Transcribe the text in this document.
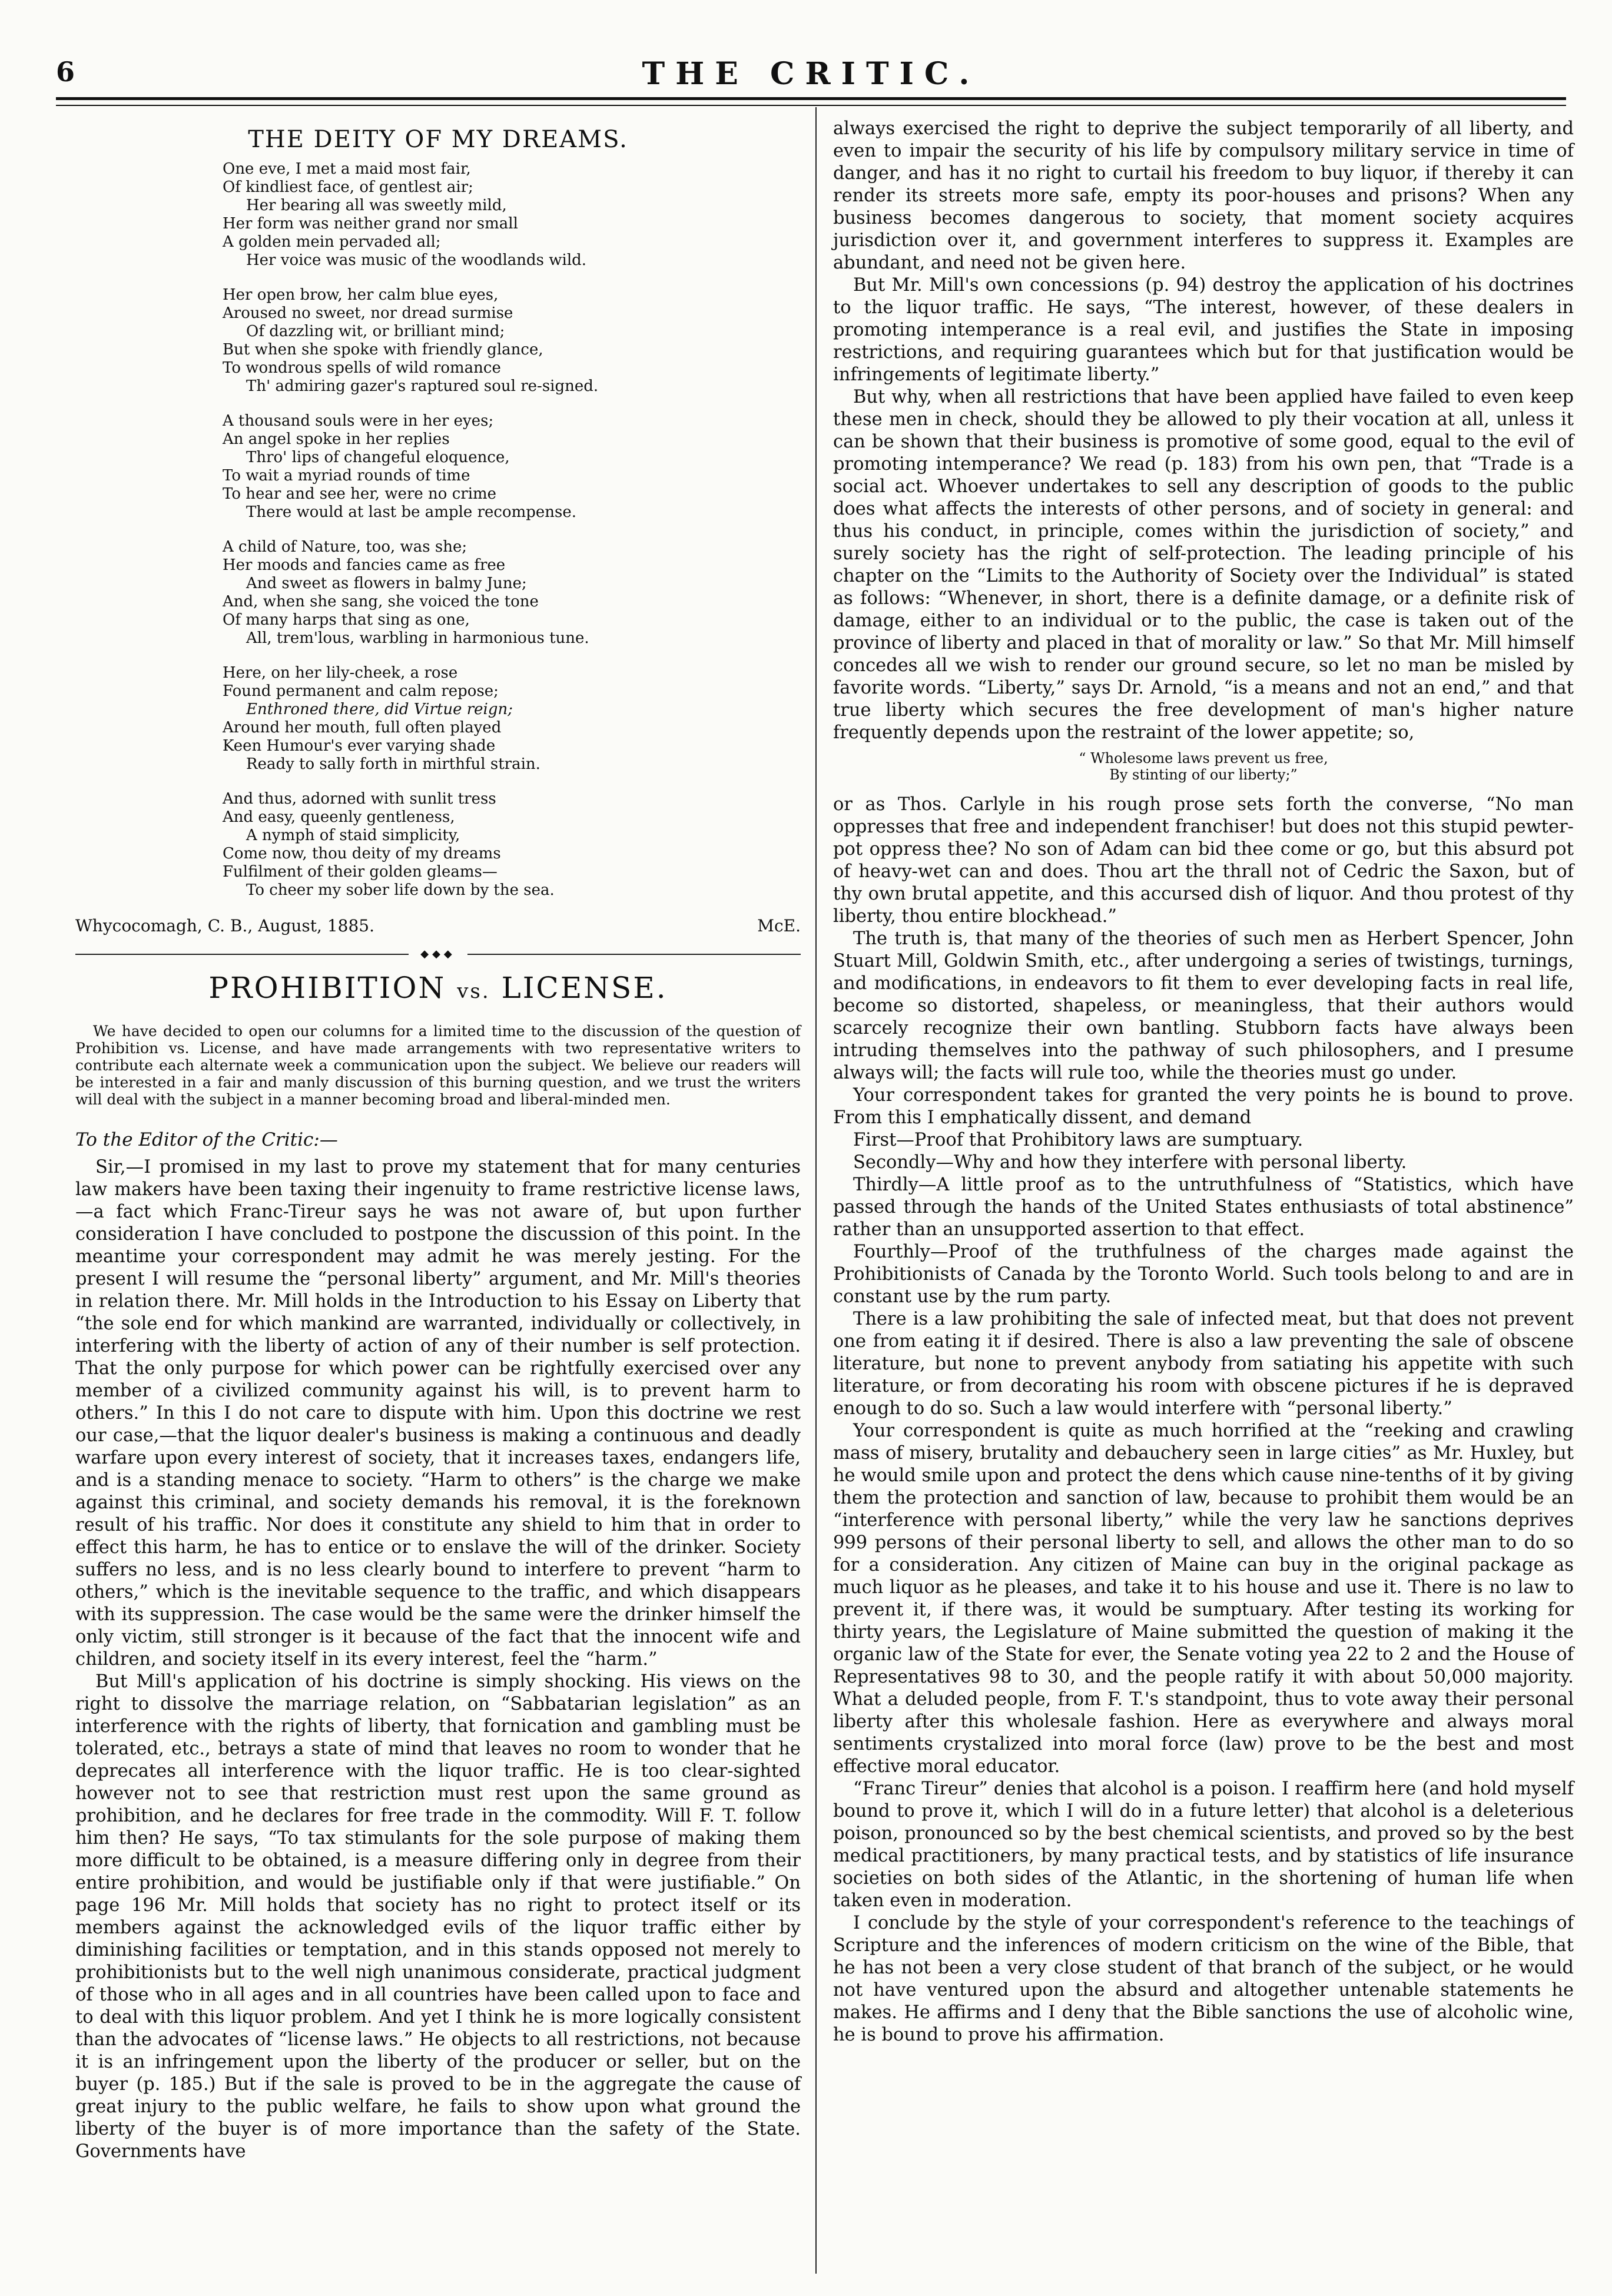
6	THE CRITIC.
THE DEITY OF MY DREAMS.
One eve, I met a maid most fair,
Of kindliest face, of gentlest air;
Her bearing all was sweetly mild,
Her form was neither grand nor small
A golden mein pervaded all;
Her voice was music of the woodlands wild.
Her open brow, her calm blue eyes,
Aroused no sweet, nor dread surmise
Of dazzling wit, or brilliant mind;
But when she spoke with friendly glance,
To wondrous spells of wild romance
Th' admiring gazer's raptured soul re-signed.
A thousand souls were in her eyes;
An angel spoke in her replies
Thro' lips of changeful eloquence,
To wait a myriad rounds of time
To hear and see her, were no crime
There would at last be ample recompense.
A child of Nature, too, was she;
Her moods and fancies came as free
And sweet as flowers in balmy June;
And, when she sang, she voiced the tone
Of many harps that sing as one,
All, trem'lous, warbling in harmonious tune.
Here, on her lily-cheek, a rose
Found permanent and calm repose;
Enthroned there, did Virtue reign;
Around her mouth, full often played
Keen Humour's ever varying shade
Ready to sally forth in mirthful strain.
And thus, adorned with sunlit tress
And easy, queenly gentleness,
A nymph of staid simplicity,
Come now, thou deity of my dreams
Fulfilment of their golden gleams—
To cheer my sober life down by the sea.
Whycocomagh, C. B., August, 1885.	McE.
◆◆◆
PROHIBITION vs. LICENSE.

We have decided to open our columns for a limited time to the discussion of the question of Prohibition vs. License, and have made arrangements with two representative writers to contribute each alternate week a communication upon the subject. We believe our readers will be interested in a fair and manly discussion of this burning question, and we trust the writers will deal with the subject in a manner becoming broad and liberal-minded men.

To the Editor of the Critic:—

Sir,—I promised in my last to prove my statement that for many centuries law makers have been taxing their ingenuity to frame restrictive license laws,—a fact which Franc-Tireur says he was not aware of, but upon further consideration I have concluded to postpone the discussion of this point. In the meantime your correspondent may admit he was merely jesting. For the present I will resume the “personal liberty” argument, and Mr. Mill's theories in relation there. Mr. Mill holds in the Introduction to his Essay on Liberty that “the sole end for which mankind are warranted, individually or collectively, in interfering with the liberty of action of any of their number is self protection. That the only purpose for which power can be rightfully exercised over any member of a civilized community against his will, is to prevent harm to others.” In this I do not care to dispute with him. Upon this doctrine we rest our case,—that the liquor dealer's business is making a continuous and deadly warfare upon every interest of society, that it increases taxes, endangers life, and is a standing menace to society. “Harm to others” is the charge we make against this criminal, and society demands his removal, it is the foreknown result of his traffic. Nor does it constitute any shield to him that in order to effect this harm, he has to entice or to enslave the will of the drinker. Society suffers no less, and is no less clearly bound to interfere to prevent “harm to others,” which is the inevitable sequence to the traffic, and which disappears with its suppression. The case would be the same were the drinker himself the only victim, still stronger is it because of the fact that the innocent wife and children, and society itself in its every interest, feel the “harm.”

But Mill's application of his doctrine is simply shocking. His views on the right to dissolve the marriage relation, on “Sabbatarian legislation” as an interference with the rights of liberty, that fornication and gambling must be tolerated, etc., betrays a state of mind that leaves no room to wonder that he deprecates all interference with the liquor traffic. He is too clear-sighted however not to see that restriction must rest upon the same ground as prohibition, and he declares for free trade in the commodity. Will F. T. follow him then? He says, “To tax stimulants for the sole purpose of making them more difficult to be obtained, is a measure differing only in degree from their entire prohibition, and would be justifiable only if that were justifiable.” On page 196 Mr. Mill holds that society has no right to protect itself or its members against the acknowledged evils of the liquor traffic either by diminishing facilities or temptation, and in this stands opposed not merely to prohibitionists but to the well nigh unanimous considerate, practical judgment of those who in all ages and in all countries have been called upon to face and to deal with this liquor problem. And yet I think he is more logically consistent than the advocates of “license laws.” He objects to all restrictions, not because it is an infringement upon the liberty of the producer or seller, but on the buyer (p. 185.) But if the sale is proved to be in the aggregate the cause of great injury to the public welfare, he fails to show upon what ground the liberty of the buyer is of more importance than the safety of the State. Governments have

always exercised the right to deprive the subject temporarily of all liberty, and even to impair the security of his life by compulsory military service in time of danger, and has it no right to curtail his freedom to buy liquor, if thereby it can render its streets more safe, empty its poor-houses and prisons? When any business becomes dangerous to society, that moment society acquires jurisdiction over it, and government interferes to suppress it. Examples are abundant, and need not be given here.

But Mr. Mill's own concessions (p. 94) destroy the application of his doctrines to the liquor traffic. He says, “The interest, however, of these dealers in promoting intemperance is a real evil, and justifies the State in imposing restrictions, and requiring guarantees which but for that justification would be infringements of legitimate liberty.”

But why, when all restrictions that have been applied have failed to even keep these men in check, should they be allowed to ply their vocation at all, unless it can be shown that their business is promotive of some good, equal to the evil of promoting intemperance? We read (p. 183) from his own pen, that “Trade is a social act. Whoever undertakes to sell any description of goods to the public does what affects the interests of other persons, and of society in general: and thus his conduct, in principle, comes within the jurisdiction of society,” and surely society has the right of self-protection. The leading principle of his chapter on the “Limits to the Authority of Society over the Individual” is stated as follows: “Whenever, in short, there is a definite damage, or a definite risk of damage, either to an individual or to the public, the case is taken out of the province of liberty and placed in that of morality or law.” So that Mr. Mill himself concedes all we wish to render our ground secure, so let no man be misled by favorite words. “Liberty,” says Dr. Arnold, “is a means and not an end,” and that true liberty which secures the free development of man's higher nature frequently depends upon the restraint of the lower appetite; so,

“ Wholesome laws prevent us free,
By stinting of our liberty;”

or as Thos. Carlyle in his rough prose sets forth the converse, “No man oppresses that free and independent franchiser! but does not this stupid pewter-pot oppress thee? No son of Adam can bid thee come or go, but this absurd pot of heavy-wet can and does. Thou art the thrall not of Cedric the Saxon, but of thy own brutal appetite, and this accursed dish of liquor. And thou protest of thy liberty, thou entire blockhead.”

The truth is, that many of the theories of such men as Herbert Spencer, John Stuart Mill, Goldwin Smith, etc., after undergoing a series of twistings, turnings, and modifications, in endeavors to fit them to ever developing facts in real life, become so distorted, shapeless, or meaningless, that their authors would scarcely recognize their own bantling. Stubborn facts have always been intruding themselves into the pathway of such philosophers, and I presume always will; the facts will rule too, while the theories must go under.

Your correspondent takes for granted the very points he is bound to prove. From this I emphatically dissent, and demand

First—Proof that Prohibitory laws are sumptuary.

Secondly—Why and how they interfere with personal liberty.

Thirdly—A little proof as to the untruthfulness of “Statistics, which have passed through the hands of the United States enthusiasts of total abstinence” rather than an unsupported assertion to that effect.

Fourthly—Proof of the truthfulness of the charges made against the Prohibitionists of Canada by the Toronto World. Such tools belong to and are in constant use by the rum party.

There is a law prohibiting the sale of infected meat, but that does not prevent one from eating it if desired. There is also a law preventing the sale of obscene literature, but none to prevent anybody from satiating his appetite with such literature, or from decorating his room with obscene pictures if he is depraved enough to do so. Such a law would interfere with “personal liberty.”

Your correspondent is quite as much horrified at the “reeking and crawling mass of misery, brutality and debauchery seen in large cities” as Mr. Huxley, but he would smile upon and protect the dens which cause nine-tenths of it by giving them the protection and sanction of law, because to prohibit them would be an “interference with personal liberty,” while the very law he sanctions deprives 999 persons of their personal liberty to sell, and allows the other man to do so for a consideration. Any citizen of Maine can buy in the original package as much liquor as he pleases, and take it to his house and use it. There is no law to prevent it, if there was, it would be sumptuary. After testing its working for thirty years, the Legislature of Maine submitted the question of making it the organic law of the State for ever, the Senate voting yea 22 to 2 and the House of Representatives 98 to 30, and the people ratify it with about 50,000 majority. What a deluded people, from F. T.'s standpoint, thus to vote away their personal liberty after this wholesale fashion. Here as everywhere and always moral sentiments crystalized into moral force (law) prove to be the best and most effective moral educator.

“Franc Tireur” denies that alcohol is a poison. I reaffirm here (and hold myself bound to prove it, which I will do in a future letter) that alcohol is a deleterious poison, pronounced so by the best chemical scientists, and proved so by the best medical practitioners, by many practical tests, and by statistics of life insurance societies on both sides of the Atlantic, in the shortening of human life when taken even in moderation.

I conclude by the style of your correspondent's reference to the teachings of Scripture and the inferences of modern criticism on the wine of the Bible, that he has not been a very close student of that branch of the subject, or he would not have ventured upon the absurd and altogether untenable statements he makes. He affirms and I deny that the Bible sanctions the use of alcoholic wine, he is bound to prove his affirmation.
